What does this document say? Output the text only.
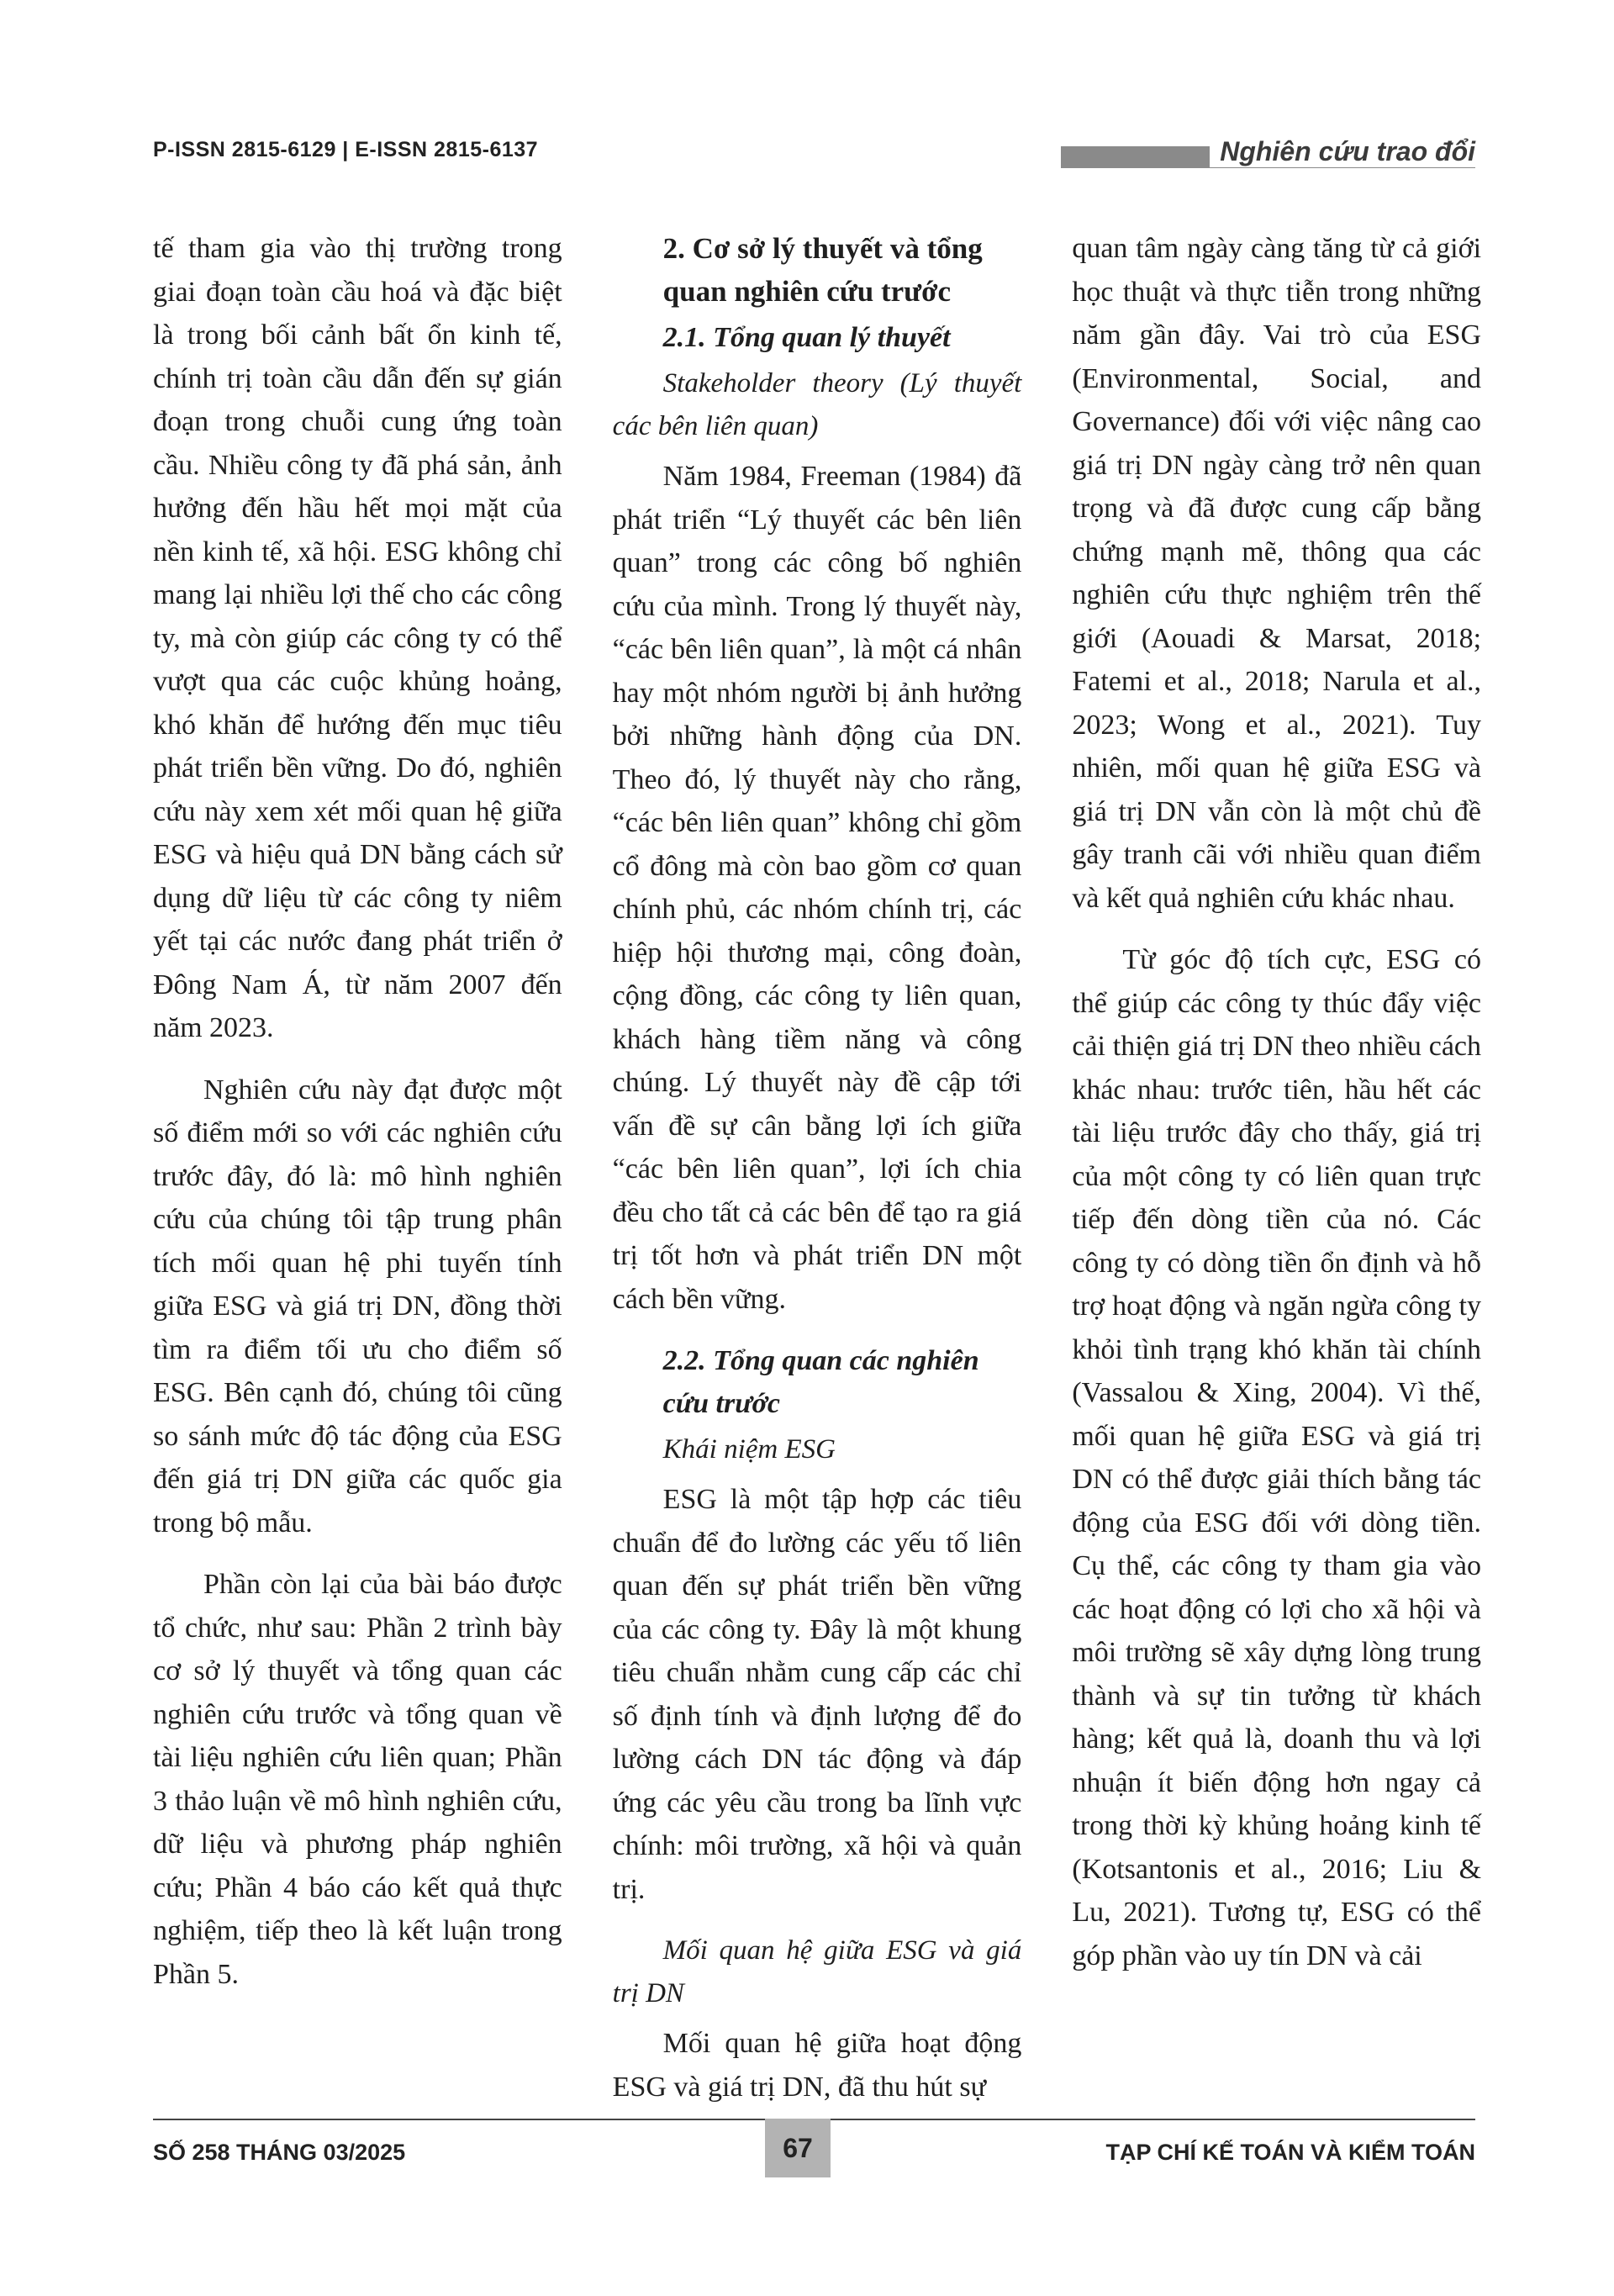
P-ISSN 2815-6129 | E-ISSN 2815-6137	Nghiên cứu trao đổi

tế tham gia vào thị trường trong giai đoạn toàn cầu hoá và đặc biệt là trong bối cảnh bất ổn kinh tế, chính trị toàn cầu dẫn đến sự gián đoạn trong chuỗi cung ứng toàn cầu. Nhiều công ty đã phá sản, ảnh hưởng đến hầu hết mọi mặt của nền kinh tế, xã hội. ESG không chỉ mang lại nhiều lợi thế cho các công ty, mà còn giúp các công ty có thể vượt qua các cuộc khủng hoảng, khó khăn để hướng đến mục tiêu phát triển bền vững. Do đó, nghiên cứu này xem xét mối quan hệ giữa ESG và hiệu quả DN bằng cách sử dụng dữ liệu từ các công ty niêm yết tại các nước đang phát triển ở Đông Nam Á, từ năm 2007 đến năm 2023.

Nghiên cứu này đạt được một số điểm mới so với các nghiên cứu trước đây, đó là: mô hình nghiên cứu của chúng tôi tập trung phân tích mối quan hệ phi tuyến tính giữa ESG và giá trị DN, đồng thời tìm ra điểm tối ưu cho điểm số ESG. Bên cạnh đó, chúng tôi cũng so sánh mức độ tác động của ESG đến giá trị DN giữa các quốc gia trong bộ mẫu.

Phần còn lại của bài báo được tổ chức, như sau: Phần 2 trình bày cơ sở lý thuyết và tổng quan các nghiên cứu trước và tổng quan về tài liệu nghiên cứu liên quan; Phần 3 thảo luận về mô hình nghiên cứu, dữ liệu và phương pháp nghiên cứu; Phần 4 báo cáo kết quả thực nghiệm, tiếp theo là kết luận trong Phần 5.

2. Cơ sở lý thuyết và tổng quan nghiên cứu trước
2.1. Tổng quan lý thuyết

Stakeholder theory (Lý thuyết các bên liên quan)

Năm 1984, Freeman (1984) đã phát triển “Lý thuyết các bên liên quan” trong các công bố nghiên cứu của mình. Trong lý thuyết này, “các bên liên quan”, là một cá nhân hay một nhóm người bị ảnh hưởng bởi những hành động của DN. Theo đó, lý thuyết này cho rằng, “các bên liên quan” không chỉ gồm cổ đông mà còn bao gồm cơ quan chính phủ, các nhóm chính trị, các hiệp hội thương mại, công đoàn, cộng đồng, các công ty liên quan, khách hàng tiềm năng và công chúng. Lý thuyết này đề cập tới vấn đề sự cân bằng lợi ích giữa “các bên liên quan”, lợi ích chia đều cho tất cả các bên để tạo ra giá trị tốt hơn và phát triển DN một cách bền vững.

2.2. Tổng quan các nghiên cứu trước

Khái niệm ESG

ESG là một tập hợp các tiêu chuẩn để đo lường các yếu tố liên quan đến sự phát triển bền vững của các công ty. Đây là một khung tiêu chuẩn nhằm cung cấp các chỉ số định tính và định lượng để đo lường cách DN tác động và đáp ứng các yêu cầu trong ba lĩnh vực chính: môi trường, xã hội và quản trị.

Mối quan hệ giữa ESG và giá trị DN

Mối quan hệ giữa hoạt động ESG và giá trị DN, đã thu hút sự

quan tâm ngày càng tăng từ cả giới học thuật và thực tiễn trong những năm gần đây. Vai trò của ESG (Environmental, Social, and Governance) đối với việc nâng cao giá trị DN ngày càng trở nên quan trọng và đã được cung cấp bằng chứng mạnh mẽ, thông qua các nghiên cứu thực nghiệm trên thế giới (Aouadi & Marsat, 2018; Fatemi et al., 2018; Narula et al., 2023; Wong et al., 2021). Tuy nhiên, mối quan hệ giữa ESG và giá trị DN vẫn còn là một chủ đề gây tranh cãi với nhiều quan điểm và kết quả nghiên cứu khác nhau.

Từ góc độ tích cực, ESG có thể giúp các công ty thúc đẩy việc cải thiện giá trị DN theo nhiều cách khác nhau: trước tiên, hầu hết các tài liệu trước đây cho thấy, giá trị của một công ty có liên quan trực tiếp đến dòng tiền của nó. Các công ty có dòng tiền ổn định và hỗ trợ hoạt động và ngăn ngừa công ty khỏi tình trạng khó khăn tài chính (Vassalou & Xing, 2004). Vì thế, mối quan hệ giữa ESG và giá trị DN có thể được giải thích bằng tác động của ESG đối với dòng tiền. Cụ thể, các công ty tham gia vào các hoạt động có lợi cho xã hội và môi trường sẽ xây dựng lòng trung thành và sự tin tưởng từ khách hàng; kết quả là, doanh thu và lợi nhuận ít biến động hơn ngay cả trong thời kỳ khủng hoảng kinh tế (Kotsantonis et al., 2016; Liu & Lu, 2021). Tương tự, ESG có thể góp phần vào uy tín DN và cải

SỐ 258 THÁNG 03/2025	67	TẠP CHÍ KẾ TOÁN VÀ KIỂM TOÁN
